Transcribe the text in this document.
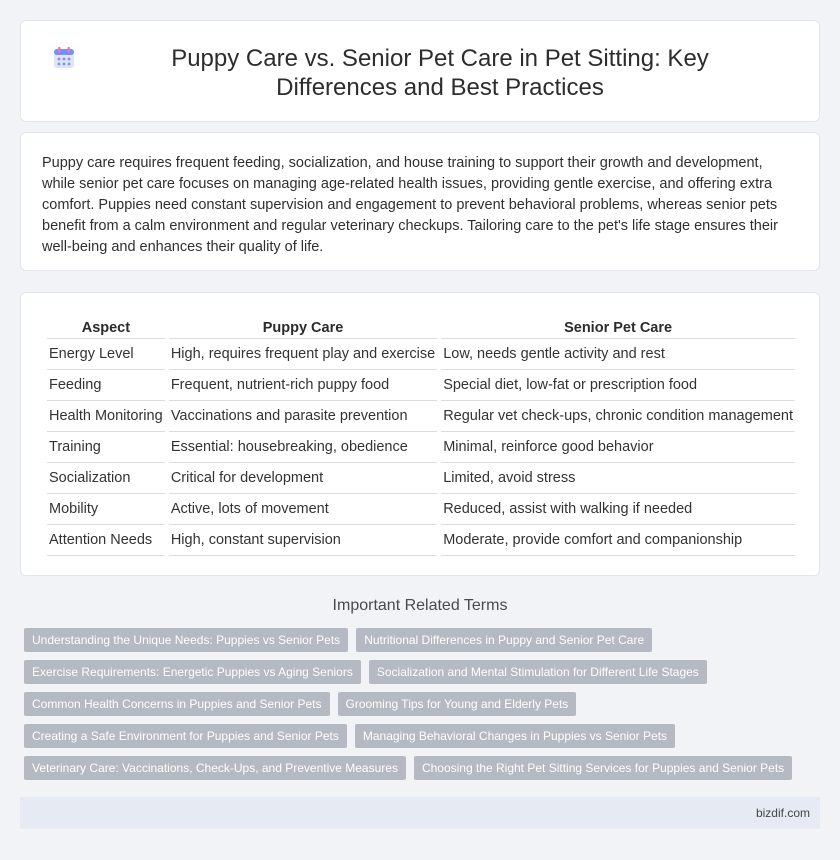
Puppy Care vs. Senior Pet Care in Pet Sitting: Key Differences and Best Practices

Puppy care requires frequent feeding, socialization, and house training to support their growth and development, while senior pet care focuses on managing age-related health issues, providing gentle exercise, and offering extra comfort. Puppies need constant supervision and engagement to prevent behavioral problems, whereas senior pets benefit from a calm environment and regular veterinary checkups. Tailoring care to the pet's life stage ensures their well-being and enhances their quality of life.

Aspect	Puppy Care	Senior Pet Care
Energy Level	High, requires frequent play and exercise	Low, needs gentle activity and rest
Feeding	Frequent, nutrient-rich puppy food	Special diet, low-fat or prescription food
Health Monitoring	Vaccinations and parasite prevention	Regular vet check-ups, chronic condition management
Training	Essential: housebreaking, obedience	Minimal, reinforce good behavior
Socialization	Critical for development	Limited, avoid stress
Mobility	Active, lots of movement	Reduced, assist with walking if needed
Attention Needs	High, constant supervision	Moderate, provide comfort and companionship
Important Related Terms
Understanding the Unique Needs: Puppies vs Senior Pets	Nutritional Differences in Puppy and Senior Pet Care
Exercise Requirements: Energetic Puppies vs Aging Seniors	Socialization and Mental Stimulation for Different Life Stages
Common Health Concerns in Puppies and Senior Pets	Grooming Tips for Young and Elderly Pets
Creating a Safe Environment for Puppies and Senior Pets	Managing Behavioral Changes in Puppies vs Senior Pets
Veterinary Care: Vaccinations, Check-Ups, and Preventive Measures	Choosing the Right Pet Sitting Services for Puppies and Senior Pets
bizdif.com
